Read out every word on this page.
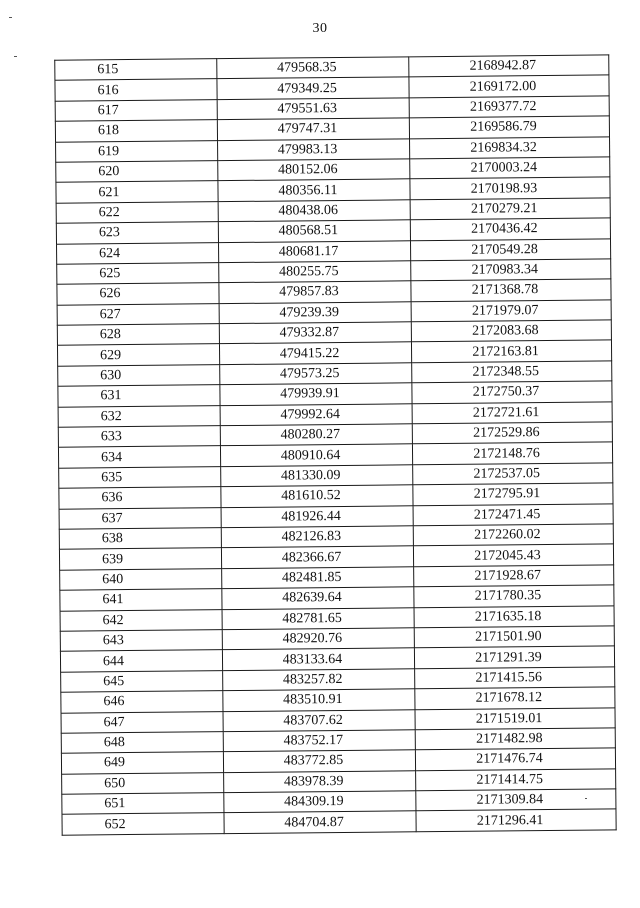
30
615	479568.35	2168942.87
616	479349.25	2169172.00
617	479551.63	2169377.72
618	479747.31	2169586.79
619	479983.13	2169834.32
620	480152.06	2170003.24
621	480356.11	2170198.93
622	480438.06	2170279.21
623	480568.51	2170436.42
624	480681.17	2170549.28
625	480255.75	2170983.34
626	479857.83	2171368.78
627	479239.39	2171979.07
628	479332.87	2172083.68
629	479415.22	2172163.81
630	479573.25	2172348.55
631	479939.91	2172750.37
632	479992.64	2172721.61
633	480280.27	2172529.86
634	480910.64	2172148.76
635	481330.09	2172537.05
636	481610.52	2172795.91
637	481926.44	2172471.45
638	482126.83	2172260.02
639	482366.67	2172045.43
640	482481.85	2171928.67
641	482639.64	2171780.35
642	482781.65	2171635.18
643	482920.76	2171501.90
644	483133.64	2171291.39
645	483257.82	2171415.56
646	483510.91	2171678.12
647	483707.62	2171519.01
648	483752.17	2171482.98
649	483772.85	2171476.74
650	483978.39	2171414.75
651	484309.19	2171309.84
652	484704.87	2171296.41
